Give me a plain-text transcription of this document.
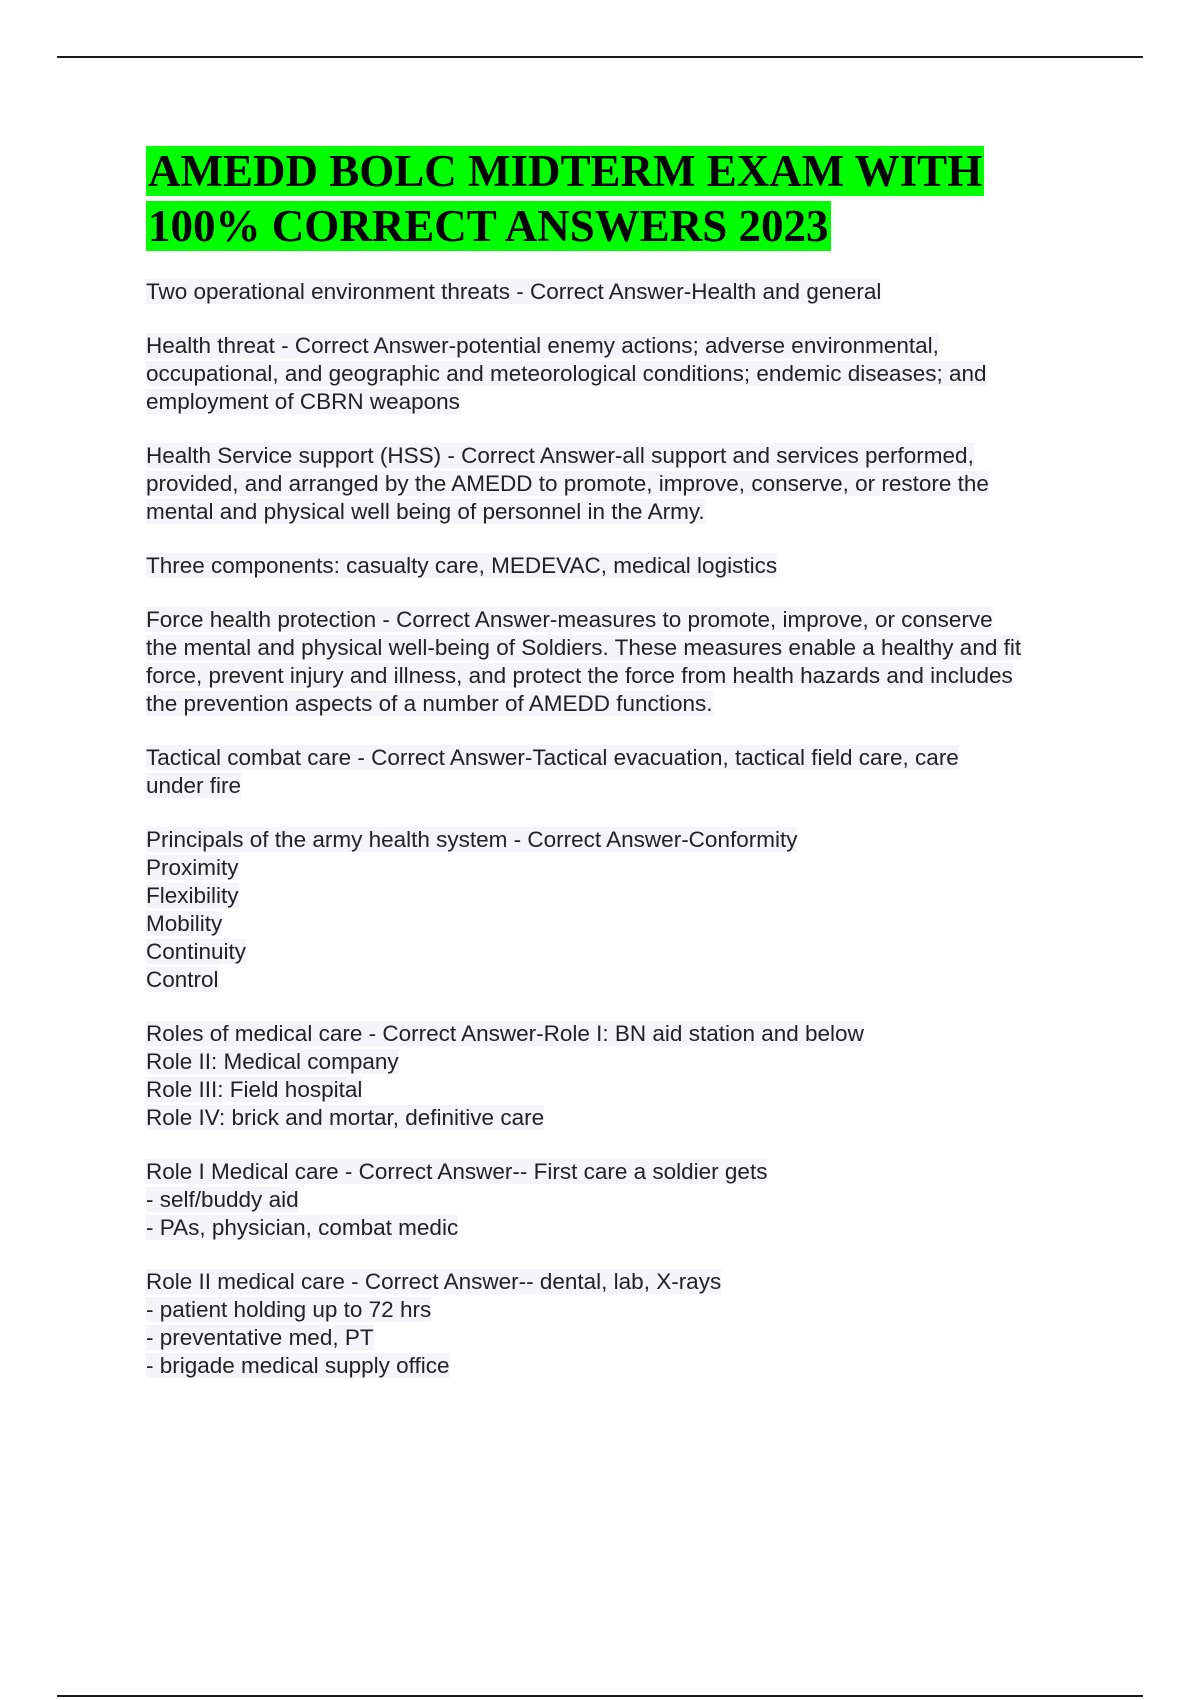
AMEDD BOLC MIDTERM EXAM WITH
100% CORRECT ANSWERS 2023
Two operational environment threats - Correct Answer-Health and general
Health threat - Correct Answer-potential enemy actions; adverse environmental,
occupational, and geographic and meteorological conditions; endemic diseases; and
employment of CBRN weapons
Health Service support (HSS) - Correct Answer-all support and services performed,
provided, and arranged by the AMEDD to promote, improve, conserve, or restore the
mental and physical well being of personnel in the Army.
Three components: casualty care, MEDEVAC, medical logistics
Force health protection - Correct Answer-measures to promote, improve, or conserve
the mental and physical well-being of Soldiers. These measures enable a healthy and fit
force, prevent injury and illness, and protect the force from health hazards and includes
the prevention aspects of a number of AMEDD functions.
Tactical combat care - Correct Answer-Tactical evacuation, tactical field care, care
under fire
Principals of the army health system - Correct Answer-Conformity
Proximity
Flexibility
Mobility
Continuity
Control
Roles of medical care - Correct Answer-Role I: BN aid station and below
Role II: Medical company
Role III: Field hospital
Role IV: brick and mortar, definitive care
Role I Medical care - Correct Answer-- First care a soldier gets
- self/buddy aid
- PAs, physician, combat medic
Role II medical care - Correct Answer-- dental, lab, X-rays
- patient holding up to 72 hrs
- preventative med, PT
- brigade medical supply office
